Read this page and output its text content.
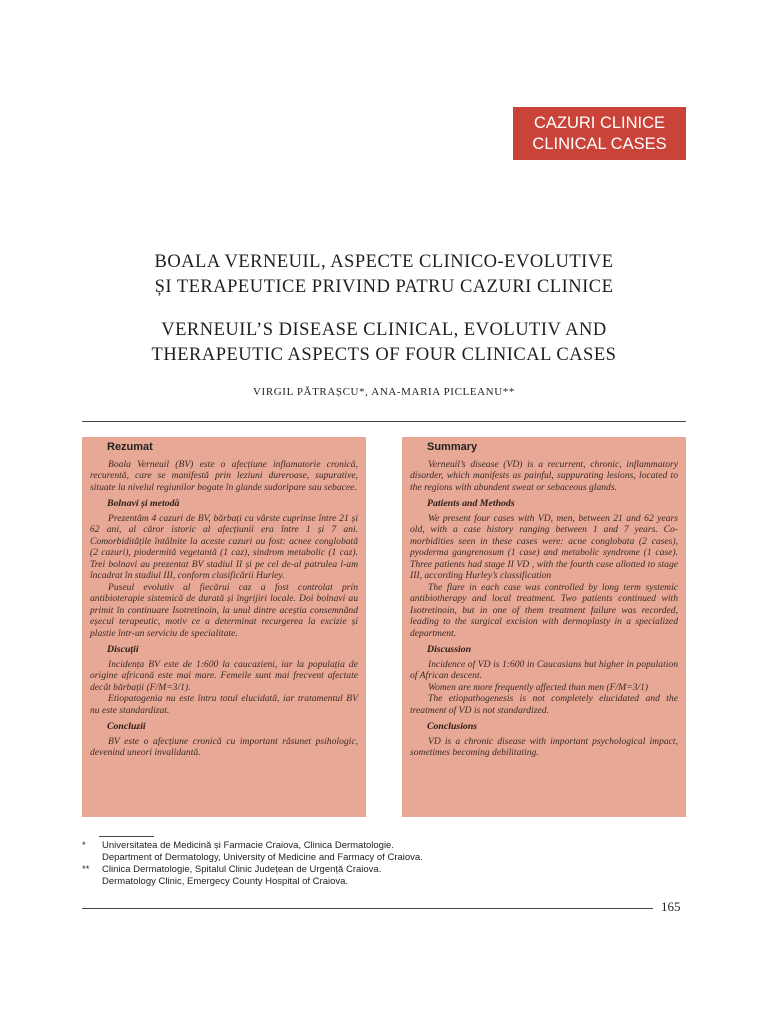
CAZURI CLINICE
CLINICAL CASES
BOALA VERNEUIL, ASPECTE CLINICO-EVOLUTIVE
ȘI TERAPEUTICE PRIVIND PATRU CAZURI CLINICE
VERNEUIL’S DISEASE CLINICAL, EVOLUTIV AND
THERAPEUTIC ASPECTS OF FOUR CLINICAL CASES
VIRGIL PĂTRAȘCU*, ANA-MARIA PICLEANU**
Rezumat

Boala Verneuil (BV) este o afecțiune inflamatorie cronică, recurentă, care se manifestă prin leziuni dureroase, supurative, situate la nivelul regiunilor bogate în glande sudoripare sau sebacee.

Bolnavi și metodă

Prezentăm 4 cazuri de BV, bărbați cu vârste cuprinse între 21 și 62 ani, al căror istoric al afecțiunii era între 1 și 7 ani. Comorbiditățile întâlnite la aceste cazuri au fost: acnee conglobată (2 cazuri), piodermită vegetantă (1 caz), sindrom metabolic (1 caz). Trei bolnavi au prezentat BV stadiul II și pe cel de-al patrulea l-am încadrat în stadiul III, conform clasificării Hurley.

Puseul evolutiv al fiecărui caz a fost controlat prin antibioterapie sistemică de durată și îngrijiri locale. Doi bolnavi au primit în continuare Isotretinoin, la unul dintre aceștia consemnând eșecul terapeutic, motiv ce a determinat recurgerea la excizie și plastie într-un serviciu de specialitate.

Discuții

Incidența BV este de 1:600 la caucazieni, iar la populația de origine africană este mai mare. Femeile sunt mai frecvent afectate decât bărbații (F/M=3/1).

Etiopatogenia nu este întru totul elucidată, iar tratamentul BV nu este standardizat.

Concluzii

BV este o afecțiune cronică cu important răsunet psihologic, devenind uneori invalidantă.

Summary

Verneuil’s disease (VD) is a recurrent, chronic, inflammatory disorder, which manifests as painful, suppurating lesions, located to the regions with abundent sweat or sebaceous glands.

Patients and Methods

We present four cases with VD, men, between 21 and 62 years old, with a case history ranging between 1 and 7 years. Co-morbidities seen in these cases were: acne conglobata (2 cases), pyoderma gangrenosum (1 case) and metabolic syndrome (1 case). Three patients had stage II VD , with the fourth case allotted to stage III, according Hurley’s classification

The flare in each case was controlled by long term systemic antibiotherapy and local treatment. Two patients continued with Isotretinoin, but in one of them treatment failure was recorded, leading to the surgical excision with dermoplasty in a specialized department.

Discussion

Incidence of VD is 1:600 in Caucasians but higher in population of African descent.

Women are more frequently affected than men (F/M=3/1)

The etiopathogenesis is not completely elucidated and the treatment of VD is not standardized.

Conclusions

VD is a chronic disease with important psychological impact, sometimes becoming debilitating.

*	Universitatea de Medicină și Farmacie Craiova, Clinica Dermatologie.
Department of Dermatology, University of Medicine and Farmacy of Craiova.
**	Clinica Dermatologie, Spitalul Clinic Județean de Urgență Craiova.
Dermatology Clinic, Emergecy County Hospital of Craiova.
165
